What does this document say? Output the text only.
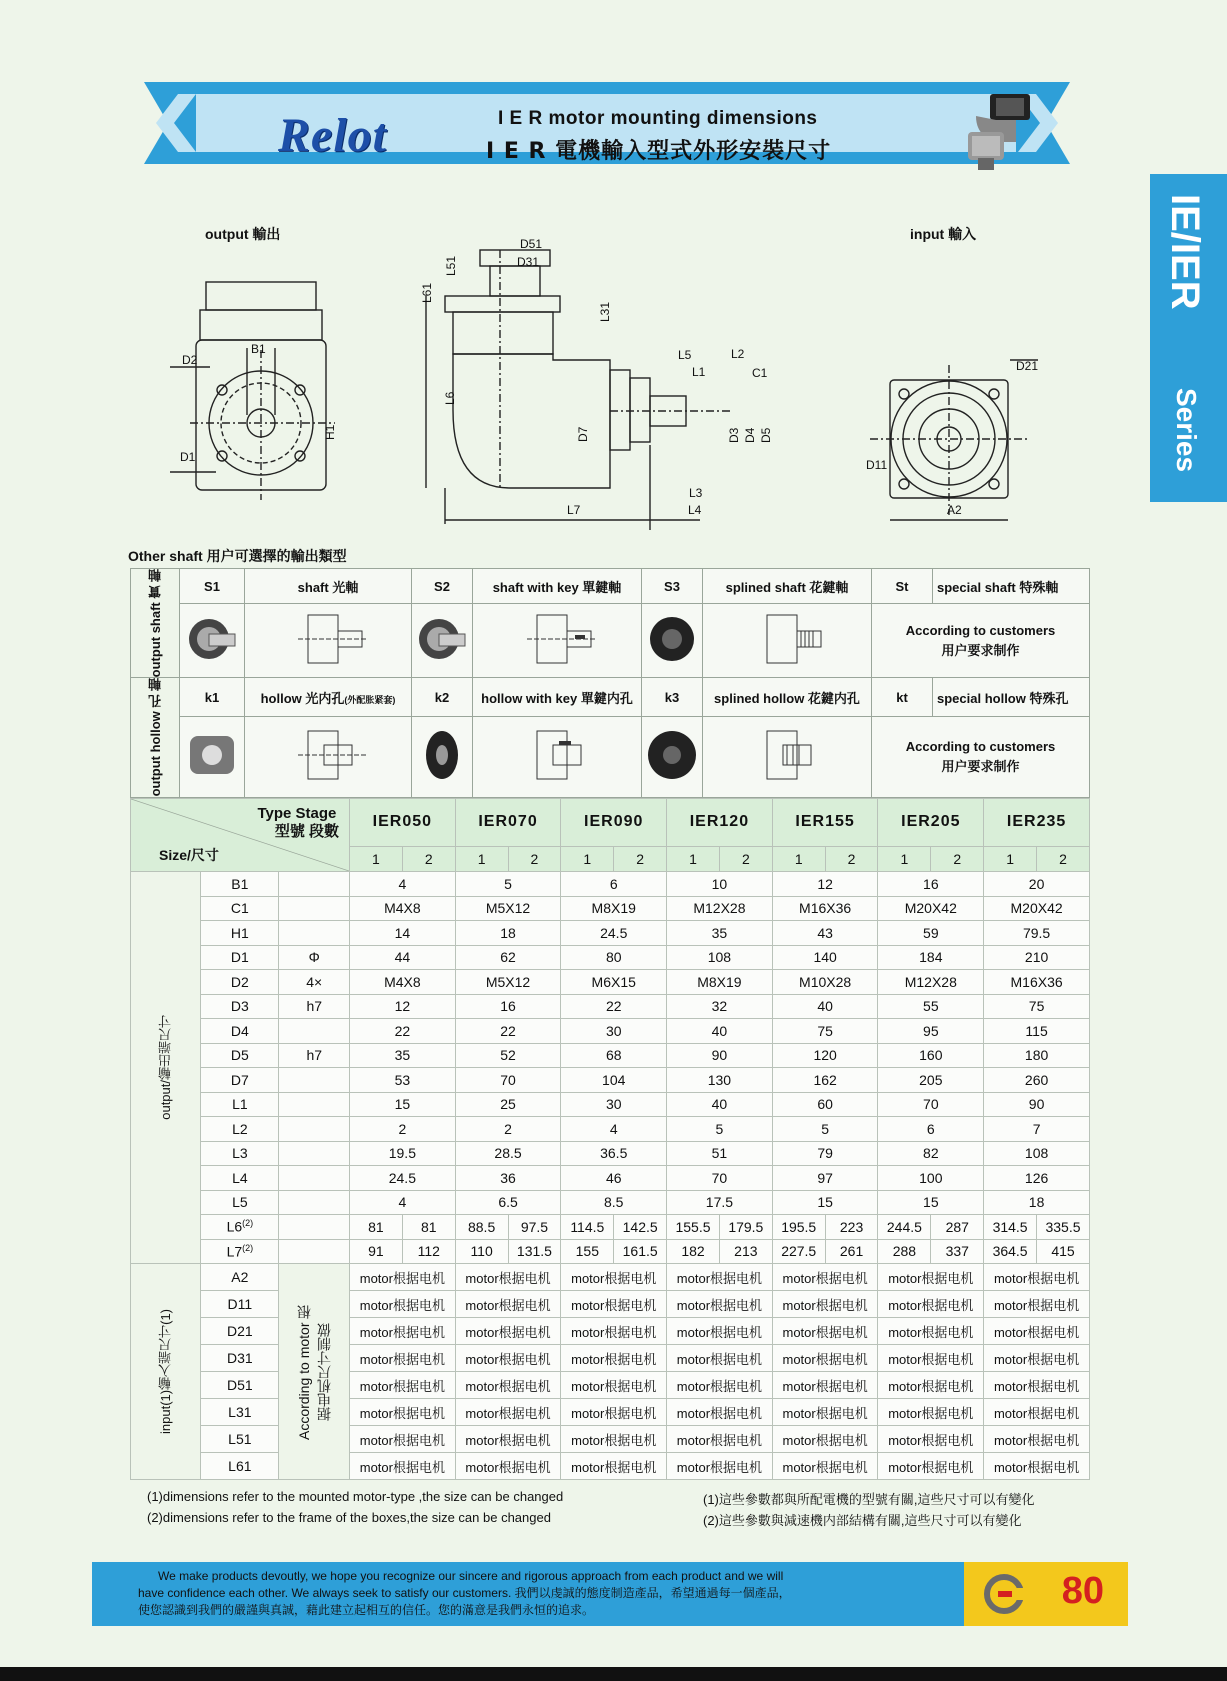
Relot	I E R motor mounting dimensions
I E R 電機輸入型式外形安裝尺寸
IE/IER
Series
output 輸出	input 輸入
D2
B1
H1
D1
D51
D31
L51
L61
L31
L6
D7
L5	L2
L1	C1
D3 D4 D5
L3
L7	L4
D21
D11
A2
Other shaft 用户可選擇的輸出類型
output shaft 實 軸	S1	shaft 光軸	S2	shaft with key 單鍵軸	S3	splined shaft 花鍵軸	St	special shaft 特殊軸

According to customers
用户要求制作	

output hollow 孔 軸	k1	hollow 光内孔(外配胀紧套)	k2	hollow with key 單鍵内孔	k3	splined hollow 花鍵内孔	kt	special hollow 特殊孔

According to customers
用户要求制作	
Type Stage
型號 段數
Size/尺寸			IER050		IER070		IER090		IER120		IER155		IER205		IER235	
			1	2	1	2	1	2	1	2	1	2	1	2	1	2

output/輸出端尺寸	B1		4		5		6		10		12		16		20	
	C1		M4X8		M5X12		M8X19		M12X28		M16X36		M20X42		M20X42	
	H1		14		18		24.5		35		43		59		79.5	
	D1	Φ	44		62		80		108		140		184		210	
	D2	4×	M4X8		M5X12		M6X15		M8X19		M10X28		M12X28		M16X36	
	D3	h7	12		16		22		32		40		55		75	
	D4		22		22		30		40		75		95		115	
	D5	h7	35		52		68		90		120		160		180	
	D7		53		70		104		130		162		205		260	
	L1		15		25		30		40		60		70		90	
	L2		2		2		4		5		5		6		7	
	L3		19.5		28.5		36.5		51		79		82		108	
	L4		24.5		36		46		70		97		100		126	
	L5		4		6.5		8.5		17.5		15		15		18	
	L6$^{(2)}$		81	81	88.5	97.5	114.5	142.5	155.5	179.5	195.5	223	244.5	287	314.5	335.5
	L7$^{(2)}$		91	112	110	131.5	155	161.5	182	213	227.5	261	288	337	364.5	415

input(1)輸入端尺寸(1)	A2	According to motor 根据电机尺寸制做	motor根据电机		motor根据电机		motor根据电机		motor根据电机		motor根据电机		motor根据电机		motor根据电机	
	D11		motor根据电机		motor根据电机		motor根据电机		motor根据电机		motor根据电机		motor根据电机		motor根据电机	
	D21		motor根据电机		motor根据电机		motor根据电机		motor根据电机		motor根据电机		motor根据电机		motor根据电机	
	D31		motor根据电机		motor根据电机		motor根据电机		motor根据电机		motor根据电机		motor根据电机		motor根据电机	
	D51		motor根据电机		motor根据电机		motor根据电机		motor根据电机		motor根据电机		motor根据电机		motor根据电机	
	L31		motor根据电机		motor根据电机		motor根据电机		motor根据电机		motor根据电机		motor根据电机		motor根据电机	
	L51		motor根据电机		motor根据电机		motor根据电机		motor根据电机		motor根据电机		motor根据电机		motor根据电机	
	L61		motor根据电机		motor根据电机		motor根据电机		motor根据电机		motor根据电机		motor根据电机		motor根据电机	
(1)dimensions refer to the mounted motor-type ,the size can be changed
(2)dimensions refer to the frame of the boxes,the size can be changed
(1)這些參數都與所配電機的型號有關,這些尺寸可以有變化
(2)這些參數與減速機内部結構有關,這些尺寸可以有變化
We make products devoutly, we hope you recognize our sincere and rigorous approach from each product and we will
have confidence each other. We always seek to satisfy our customers. 我們以虔誠的態度制造產品，希望通過每一個產品，
使您認識到我們的嚴謹與真誠，藉此建立起相互的信任。您的滿意是我們永恒的追求。	80
